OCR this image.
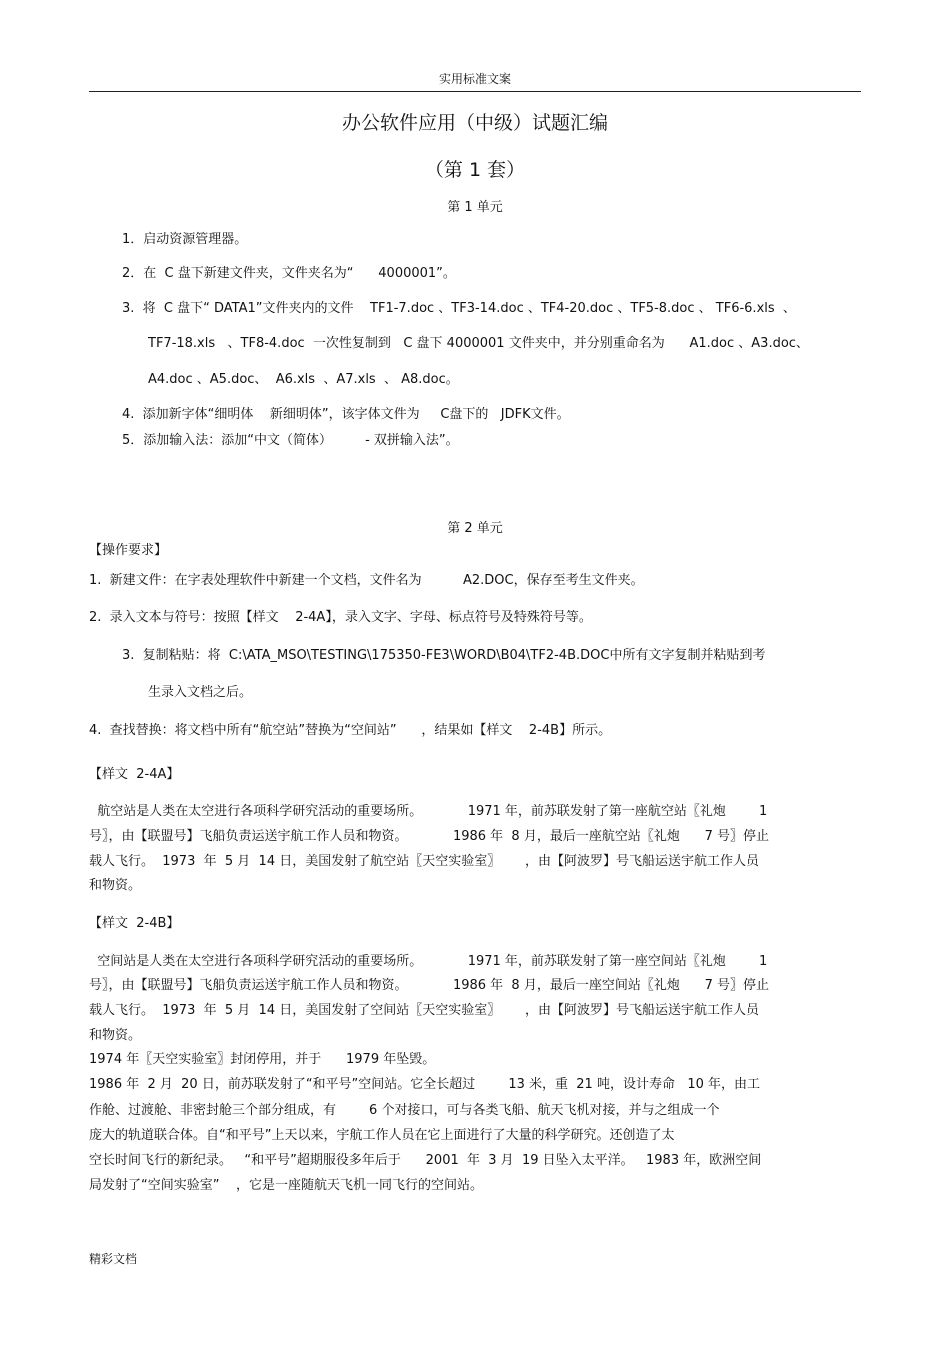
实用标准文案
办公软件应用（中级）试题汇编
（第 1 套）
第 1 单元
1．启动资源管理器。
2．在  C 盘下新建文件夹，文件夹名为“      4000001”。
3.  将  C 盘下“ DATA1”文件夹内的文件    TF1-7.doc 、TF3-14.doc 、TF4-20.doc 、TF5-8.doc 、 TF6-6.xls  、
TF7-18.xls   、TF8-4.doc  一次性复制到   C 盘下 4000001 文件夹中，并分别重命名为      A1.doc 、A3.doc、
A4.doc 、A5.doc、  A6.xls  、A7.xls  、 A8.doc。
4.  添加新字体“细明体    新细明体”，该字体文件为     C盘下的   JDFK文件。
5．添加输入法：添加“中文（简体）        - 双拼输入法”。
第 2 单元
【操作要求】
1.  新建文件：在字表处理软件中新建一个文档，文件名为          A2.DOC，保存至考生文件夹。
2.  录入文本与符号：按照【样文    2-4A】，录入文字、字母、标点符号及特殊符号等。
3.  复制粘贴：将  C:\ATA_MSO\TESTING\175350-FE3\WORD\B04\TF2-4B.DOC中所有文字复制并粘贴到考
生录入文档之后。
4.  查找替换：将文档中所有“航空站”替换为“空间站”      ，结果如【样文    2-4B】所示。
【样文  2-4A】
航空站是人类在太空进行各项科学研究活动的重要场所。           1971 年，前苏联发射了第一座航空站〖礼炮        1
号〗，由【联盟号】飞船负责运送宇航工作人员和物资。           1986 年  8 月，最后一座航空站〖礼炮      7 号〗停止
载人飞行。  1973  年  5 月  14 日，美国发射了航空站〖天空实验室〗      ，由【阿波罗】号飞船运送宇航工作人员
和物资。
【样文  2-4B】
空间站是人类在太空进行各项科学研究活动的重要场所。           1971 年，前苏联发射了第一座空间站〖礼炮        1
号〗，由【联盟号】飞船负责运送宇航工作人员和物资。           1986 年  8 月，最后一座空间站〖礼炮      7 号〗停止
载人飞行。  1973  年  5 月  14 日，美国发射了空间站〖天空实验室〗      ，由【阿波罗】号飞船运送宇航工作人员
和物资。
1974 年〖天空实验室〗封闭停用，并于      1979 年坠毁。
1986 年  2 月  20 日，前苏联发射了“和平号”空间站。它全长超过        13 米，重  21 吨，设计寿命   10 年，由工
作舱、过渡舱、非密封舱三个部分组成，有        6 个对接口，可与各类飞船、航天飞机对接，并与之组成一个
庞大的轨道联合体。自“和平号”上天以来，宇航工作人员在它上面进行了大量的科学研究。还创造了太
空长时间飞行的新纪录。   “和平号”超期服役多年后于      2001  年  3 月  19 日坠入太平洋。   1983 年，欧洲空间
局发射了“空间实验室”    ，它是一座随航天飞机一同飞行的空间站。
精彩文档
